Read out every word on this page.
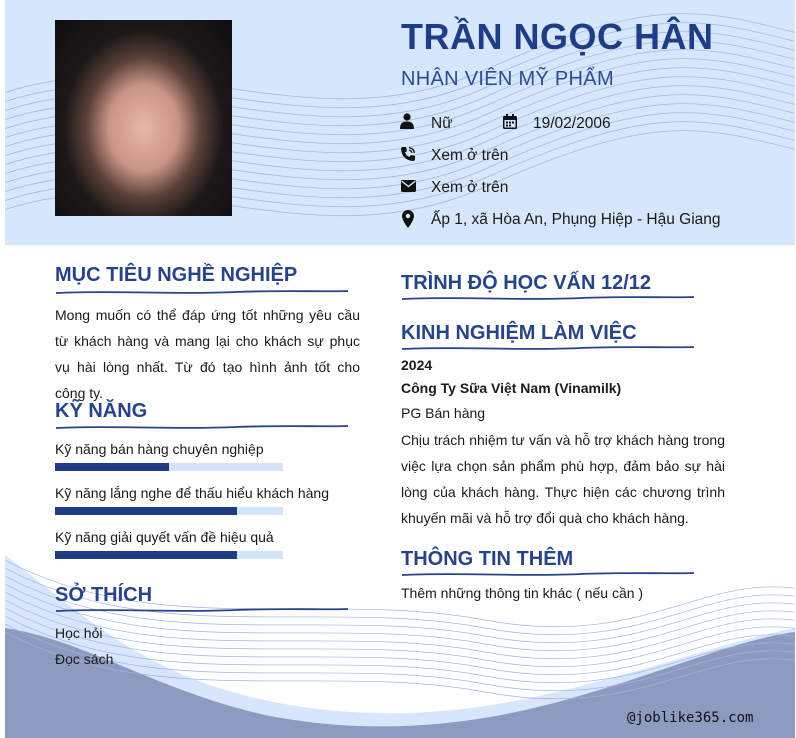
TRẦN NGỌC HÂN
NHÂN VIÊN MỸ PHẨM
Nữ	19/02/2006
Xem ở trên
Xem ở trên
Ấp 1, xã Hòa An, Phụng Hiệp - Hậu Giang
MỤC TIÊU NGHỀ NGHIỆP

Mong muốn có thể đáp ứng tốt những yêu cầu từ khách hàng và mang lại cho khách sự phục vụ hài lòng nhất. Từ đó tạo hình ảnh tốt cho công ty.

KỸ NĂNG
Kỹ năng bán hàng chuyên nghiệp
Kỹ năng lắng nghe để thấu hiểu khách hàng
Kỹ năng giải quyết vấn đề hiệu quả
SỞ THÍCH
Học hỏi
Đọc sách
TRÌNH ĐỘ HỌC VẤN 12/12
KINH NGHIỆM LÀM VIỆC
2024
Công Ty Sữa Việt Nam (Vinamilk)
PG Bán hàng

Chịu trách nhiệm tư vấn và hỗ trợ khách hàng trong việc lựa chọn sản phẩm phù hợp, đảm bảo sự hài lòng của khách hàng. Thực hiện các chương trình khuyến mãi và hỗ trợ đổi quà cho khách hàng.

THÔNG TIN THÊM
Thêm những thông tin khác ( nếu cần )
@joblike365.com
